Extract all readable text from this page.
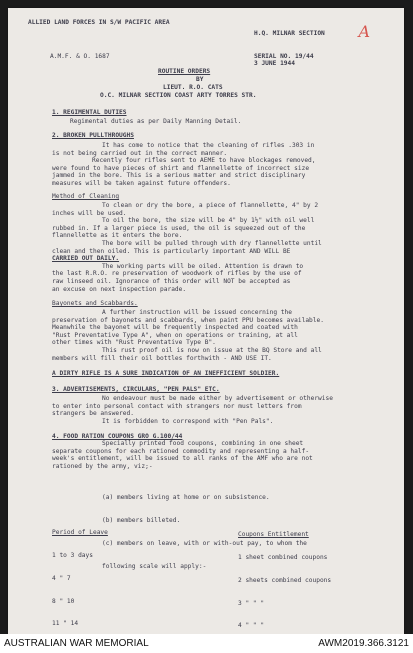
ALLIED LAND FORCES IN S/W PACIFIC AREA
H.Q. MILNAR SECTION A
A.M.F. & O. 1687	SERIAL NO. 19/44
3 JUNE 1944
ROUTINE ORDERS
BY
LIEUT. R.O. CATS
O.C. MILNAR SECTION COAST ARTY TORRES STR.
1. REGIMENTAL DUTIES
Regimental duties as per Daily Manning Detail.
2. BROKEN PULLTHROUGHS
It has come to notice that the cleaning of rifles .303 in
is not being carried out in the correct manner.
Recently four rifles sent to AEME to have blockages removed,
were found to have pieces of shirt and flannellette of incorrect size
jammed in the bore. This is a serious matter and strict disciplinary
measures will be taken against future offenders.
Method of Cleaning
To clean or dry the bore, a piece of flannellette, 4" by 2
inches will be used.
To oil the bore, the size will be 4" by 1½" with oil well
rubbed in. If a larger piece is used, the oil is squeezed out of the
flannellette as it enters the bore.
The bore will be pulled through with dry flannellette until
clean and then oiled. This is particularly important AND WILL BE
CARRIED OUT DAILY.
The working parts will be oiled. Attention is drawn to
the last R.R.O. re preservation of woodwork of rifles by the use of
raw linseed oil. Ignorance of this order will NOT be accepted as
an excuse on next inspection parade.
Bayonets and Scabbards.
A further instruction will be issued concerning the
preservation of bayonets and scabbards, when paint PPU becomes available.
Meanwhile the bayonet will be frequently inspected and coated with
"Rust Preventative Type A", when on operations or training, at all
other times with "Rust Preventative Type B".
This rust proof oil is now on issue at the BQ Store and all
members will fill their oil bottles forthwith - AND USE IT.
A DIRTY RIFLE IS A SURE INDICATION OF AN INEFFICIENT SOLDIER.
3. ADVERTISEMENTS, CIRCULARS, "PEN PALS" ETC.
No endeavour must be made either by advertisement or otherwise
to enter into personal contact with strangers nor must letters from
strangers be answered.
It is forbidden to correspond with "Pen Pals".
4. FOOD RATION COUPONS GRO G.100/44
Specially printed food coupons, combining in one sheet
separate coupons for each rationed commodity and representing a half-
week's entitlement, will be issued to all ranks of the AMF who are not
rationed by the army, viz;-

(a) members living at home or on subsistence.

(b) members billeted.

(c) members on leave, with or with-out pay, to whom the

following scale will apply:-

Period of Leave

1 to 3 days

4 " 7

8 " 10

11 " 14

Coupons Entitlement

1 sheet combined coupons

2 sheets combined coupons

3 " " "

4 " " "

AUSTRALIAN WAR MEMORIAL	AWM2019.366.3121
